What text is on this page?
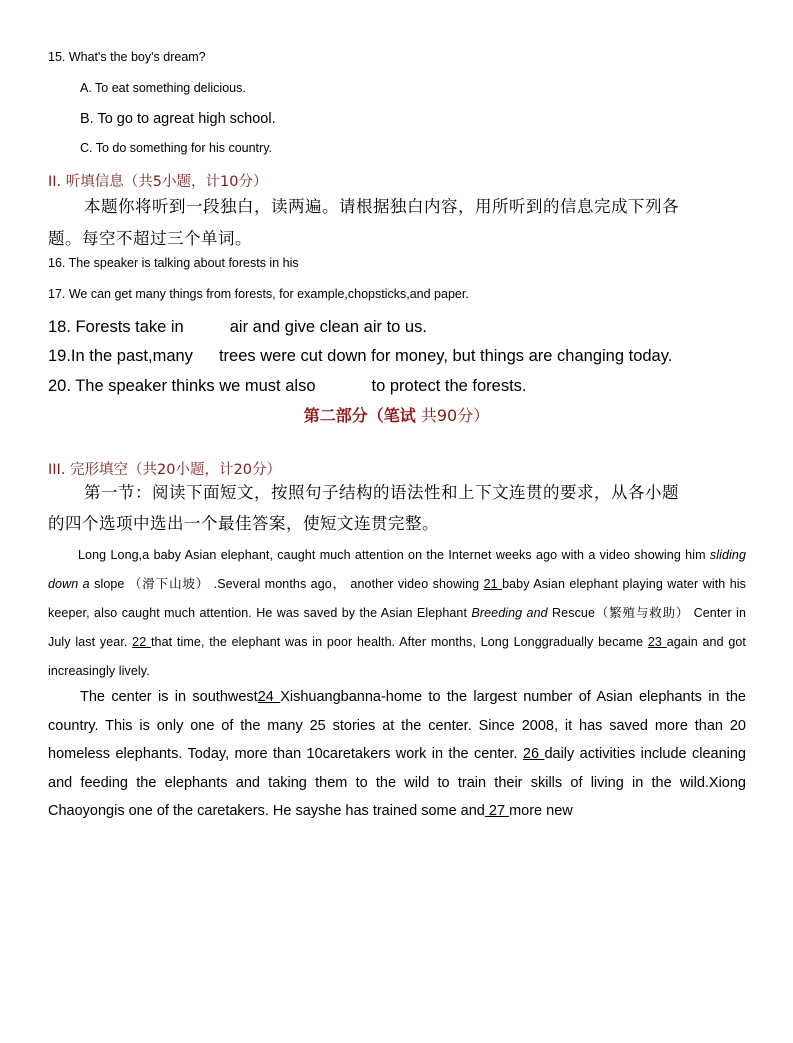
15. What's the boy's dream?
A. To eat something delicious.
B. To go to agreat high school.
C. To do something for his country.
II. 听填信息（共5小题，计10分）
本题你将听到一段独白，读两遍。请根据独白内容，用所听到的信息完成下列各
题。每空不超过三个单词。
16. The speaker is talking about forests in his
17. We can get many things from forests, for example,chopsticks,and paper.
18. Forests take in	air and give clean air to us.
19.In the past,many trees were cut down for money, but things are changing today.
20. The speaker thinks we must also	to protect the forests.
第二部分（笔试 共90分）
III. 完形填空（共20小题，计20分）
第一节：阅读下面短文，按照句子结构的语法性和上下文连贯的要求，从各小题
的四个选项中选出一个最佳答案，使短文连贯完整。
Long Long,a baby Asian elephant, caught much attention on the Internet weeks ago with a video showing him sliding down a slope （滑下山坡） .Several months ago， another video showing 21 baby Asian elephant playing water with his keeper, also caught much attention. He was saved by the Asian Elephant Breeding and Rescue（繁殖与救助） Center in July last year. 22 that time, the elephant was in poor health. After months, Long Longgradually became 23 again and got increasingly lively.
The center is in southwest24 Xishuangbanna-home to the largest number of Asian elephants in the country. This is only one of the many 25 stories at the center. Since 2008, it has saved more than 20 homeless elephants. Today, more than 10caretakers work in the center. 26 daily activities include cleaning and feeding the elephants and taking them to the wild to train their skills of living in the wild.Xiong Chaoyongis one of the caretakers. He sayshe has trained some and 27 more new
